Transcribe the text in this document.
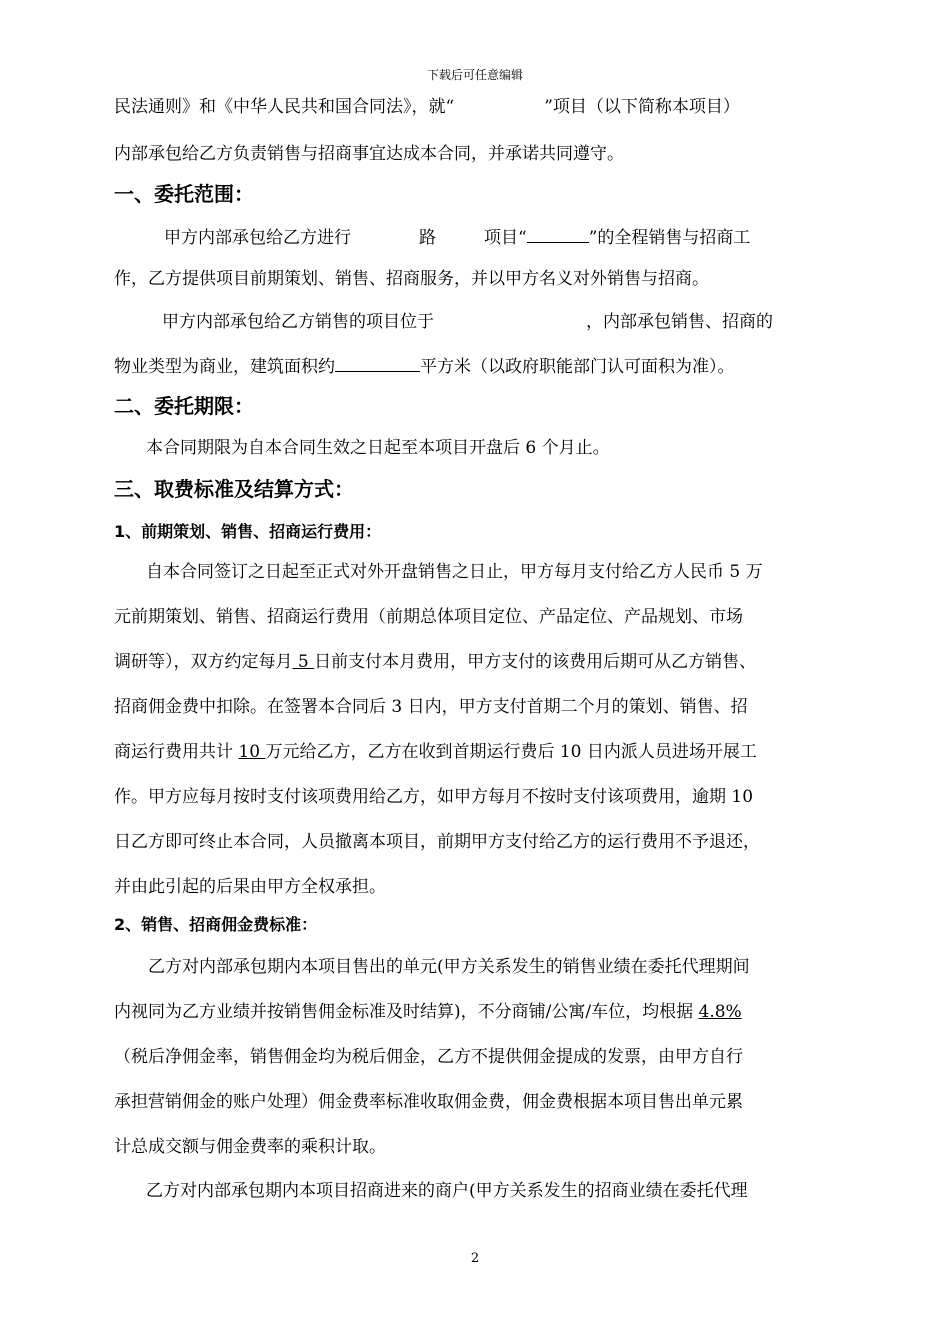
下载后可任意编辑
民法通则》和《中华人民共和国合同法》，就“	”项目（以下简称本项目）
内部承包给乙方负责销售与招商事宜达成本合同，并承诺共同遵守。
一、委托范围：
甲方内部承包给乙方进行	路	项目“	”的全程销售与招商工
作，乙方提供项目前期策划、销售、招商服务，并以甲方名义对外销售与招商。
甲方内部承包给乙方销售的项目位于	，内部承包销售、招商的
物业类型为商业，建筑面积约	平方米（以政府职能部门认可面积为准）。
二、委托期限：
本合同期限为自本合同生效之日起至本项目开盘后 6 个月止。
三、取费标准及结算方式：
1、前期策划、销售、招商运行费用：
自本合同签订之日起至正式对外开盘销售之日止，甲方每月支付给乙方人民币 5 万
元前期策划、销售、招商运行费用（前期总体项目定位、产品定位、产品规划、市场
调研等），双方约定每月 5 日前支付本月费用，甲方支付的该费用后期可从乙方销售、
招商佣金费中扣除。在签署本合同后 3 日内，甲方支付首期二个月的策划、销售、招
商运行费用共计 10 万元给乙方，乙方在收到首期运行费后 10 日内派人员进场开展工
作。甲方应每月按时支付该项费用给乙方，如甲方每月不按时支付该项费用，逾期 10
日乙方即可终止本合同，人员撤离本项目，前期甲方支付给乙方的运行费用不予退还，
并由此引起的后果由甲方全权承担。
2、销售、招商佣金费标准：
乙方对内部承包期内本项目售出的单元(甲方关系发生的销售业绩在委托代理期间
内视同为乙方业绩并按销售佣金标准及时结算)，不分商铺/公寓/车位，均根据 4.8%
（税后净佣金率，销售佣金均为税后佣金，乙方不提供佣金提成的发票，由甲方自行
承担营销佣金的账户处理）佣金费率标准收取佣金费，佣金费根据本项目售出单元累
计总成交额与佣金费率的乘积计取。
乙方对内部承包期内本项目招商进来的商户(甲方关系发生的招商业绩在委托代理
2
